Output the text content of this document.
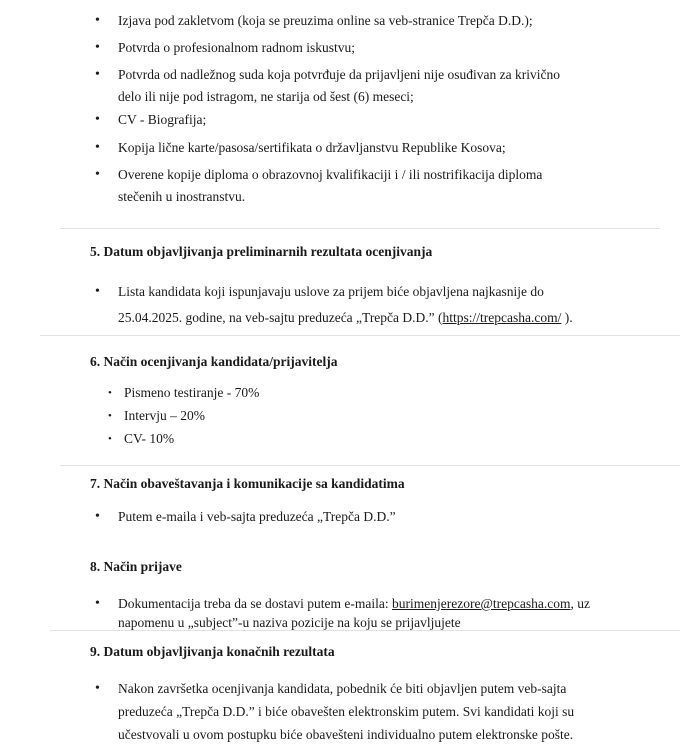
• Izjava pod zakletvom (koja se preuzima online sa veb-stranice Trepča D.D.);
• Potvrda o profesionalnom radnom iskustvu;
• Potvrda od nadležnog suda koja potvrđuje da prijavljeni nije osuđivan za krivično
delo ili nije pod istragom, ne starija od šest (6) meseci;
• CV - Biografija;
• Kopija lične karte/pasosa/sertifikata o državljanstvu Republike Kosova;
• Overene kopije diploma o obrazovnoj kvalifikaciji i / ili nostrifikacija diploma
stečenih u inostranstvu.
5. Datum objavljivanja preliminarnih rezultata ocenjivanja
• Lista kandidata koji ispunjavaju uslove za prijem biće objavljena najkasnije do
25.04.2025. godine, na veb-sajtu preduzeća „Trepča D.D.” (https://trepcasha.com/ ).
6. Način ocenjivanja kandidata/prijavitelja
• Pismeno testiranje - 70%
• Intervju – 20%
• CV- 10%
7. Način obaveštavanja i komunikacije sa kandidatima
• Putem e-maila i veb-sajta preduzeća „Trepča D.D.”
8. Način prijave
• Dokumentacija treba da se dostavi putem e-maila: burimenjerezore@trepcasha.com, uz
napomenu u „subject”-u naziva pozicije na koju se prijavljujete
9. Datum objavljivanja konačnih rezultata
• Nakon završetka ocenjivanja kandidata, pobednik će biti objavljen putem veb-sajta
preduzeća „Trepča D.D.” i biće obavešten elektronskim putem. Svi kandidati koji su
učestvovali u ovom postupku biće obavešteni individualno putem elektronske pošte.
